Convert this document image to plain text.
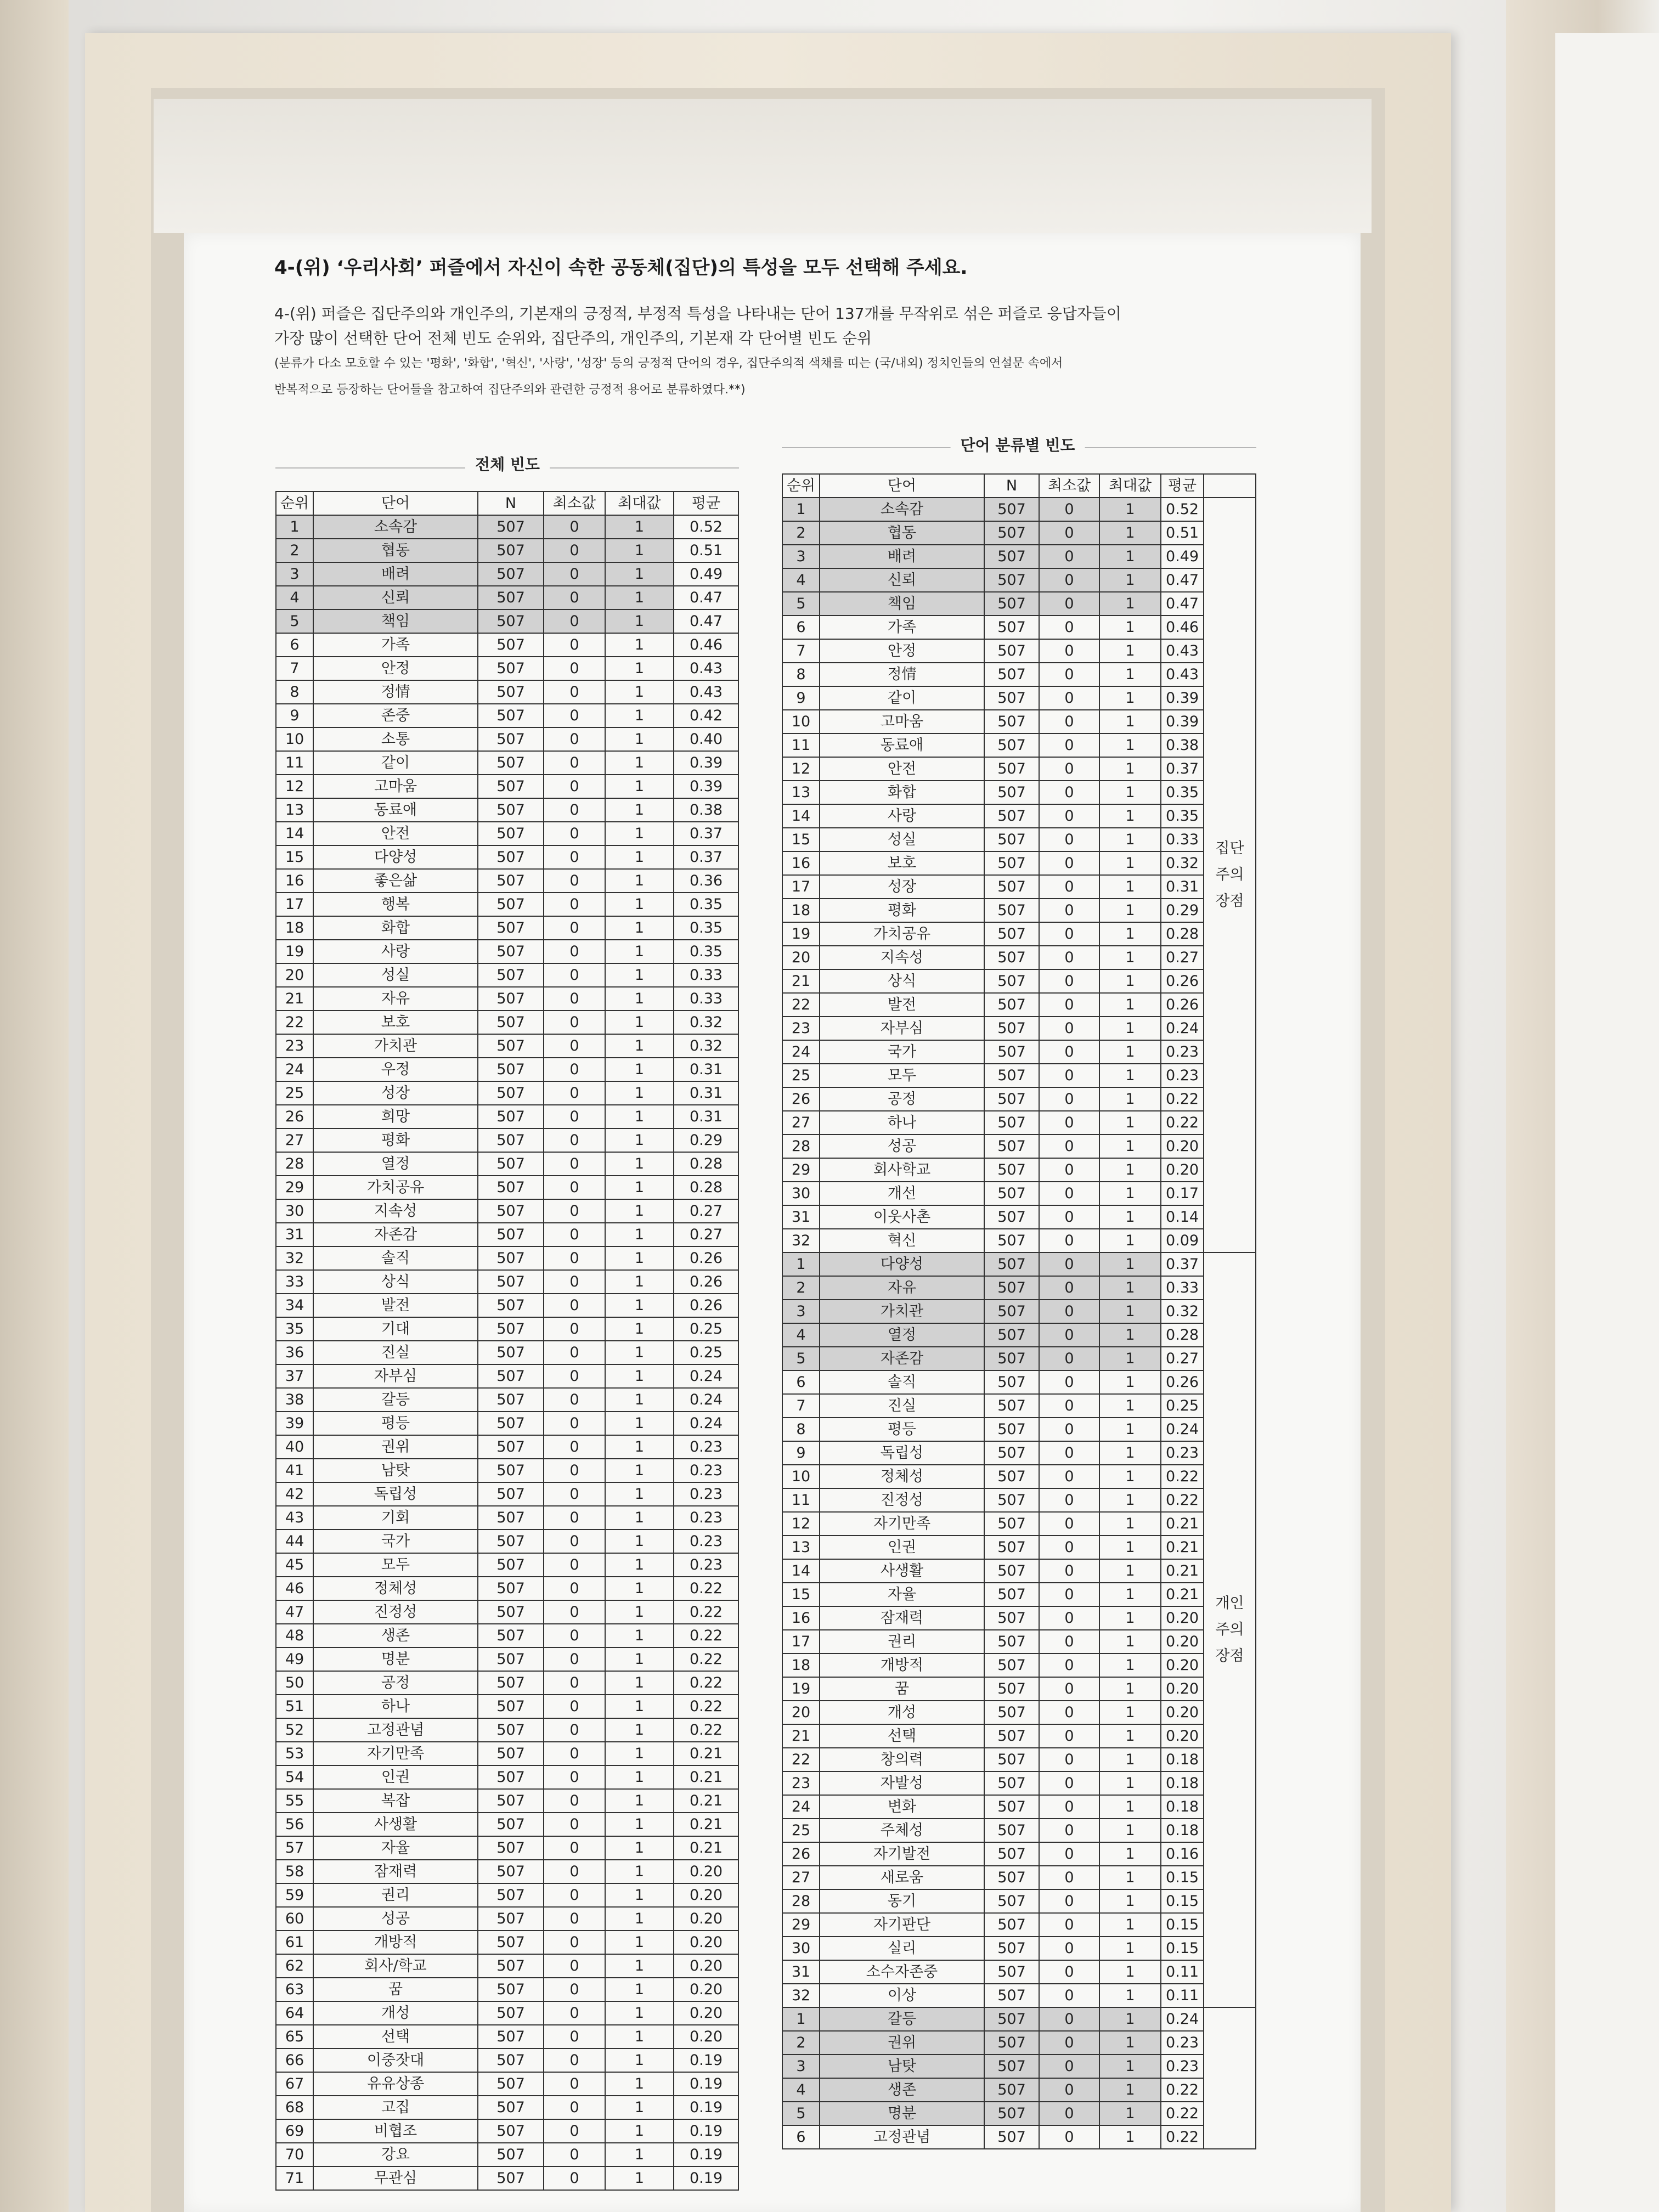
4-(위) ‘우리사회’ 퍼즐에서 자신이 속한 공동체(집단)의 특성을 모두 선택해 주세요.
4-(위) 퍼즐은 집단주의와 개인주의, 기본재의 긍정적, 부정적 특성을 나타내는 단어 137개를 무작위로 섞은 퍼즐로 응답자들이
가장 많이 선택한 단어 전체 빈도 순위와, 집단주의, 개인주의, 기본재 각 단어별 빈도 순위
(분류가 다소 모호할 수 있는 '평화', '화합', '혁신', '사랑', '성장' 등의 긍정적 단어의 경우, 집단주의적 색채를 띠는 (국/내외) 정치인들의 연설문 속에서
반복적으로 등장하는 단어들을 참고하여 집단주의와 관련한 긍정적 용어로 분류하였다.**)
전체 빈도
단어 분류별 빈도
순위	단어	N	최소값	최대값	평균
1	소속감	507	0	1	0.52
2	협동	507	0	1	0.51
3	배려	507	0	1	0.49
4	신뢰	507	0	1	0.47
5	책임	507	0	1	0.47
6	가족	507	0	1	0.46
7	안정	507	0	1	0.43
8	정情	507	0	1	0.43
9	존중	507	0	1	0.42
10	소통	507	0	1	0.40
11	같이	507	0	1	0.39
12	고마움	507	0	1	0.39
13	동료애	507	0	1	0.38
14	안전	507	0	1	0.37
15	다양성	507	0	1	0.37
16	좋은삶	507	0	1	0.36
17	행복	507	0	1	0.35
18	화합	507	0	1	0.35
19	사랑	507	0	1	0.35
20	성실	507	0	1	0.33
21	자유	507	0	1	0.33
22	보호	507	0	1	0.32
23	가치관	507	0	1	0.32
24	우정	507	0	1	0.31
25	성장	507	0	1	0.31
26	희망	507	0	1	0.31
27	평화	507	0	1	0.29
28	열정	507	0	1	0.28
29	가치공유	507	0	1	0.28
30	지속성	507	0	1	0.27
31	자존감	507	0	1	0.27
32	솔직	507	0	1	0.26
33	상식	507	0	1	0.26
34	발전	507	0	1	0.26
35	기대	507	0	1	0.25
36	진실	507	0	1	0.25
37	자부심	507	0	1	0.24
38	갈등	507	0	1	0.24
39	평등	507	0	1	0.24
40	권위	507	0	1	0.23
41	남탓	507	0	1	0.23
42	독립성	507	0	1	0.23
43	기회	507	0	1	0.23
44	국가	507	0	1	0.23
45	모두	507	0	1	0.23
46	정체성	507	0	1	0.22
47	진정성	507	0	1	0.22
48	생존	507	0	1	0.22
49	명분	507	0	1	0.22
50	공정	507	0	1	0.22
51	하나	507	0	1	0.22
52	고정관념	507	0	1	0.22
53	자기만족	507	0	1	0.21
54	인권	507	0	1	0.21
55	복잡	507	0	1	0.21
56	사생활	507	0	1	0.21
57	자율	507	0	1	0.21
58	잠재력	507	0	1	0.20
59	권리	507	0	1	0.20
60	성공	507	0	1	0.20
61	개방적	507	0	1	0.20
62	회사/학교	507	0	1	0.20
63	꿈	507	0	1	0.20
64	개성	507	0	1	0.20
65	선택	507	0	1	0.20
66	이중잣대	507	0	1	0.19
67	유유상종	507	0	1	0.19
68	고집	507	0	1	0.19
69	비협조	507	0	1	0.19
70	강요	507	0	1	0.19
71	무관심	507	0	1	0.19
순위	단어	N	최소값	최대값	평균	
1	소속감	507	0	1	0.52	집단
주의
장점

2	협동	507	0	1	0.51	
3	배려	507	0	1	0.49	
4	신뢰	507	0	1	0.47	
5	책임	507	0	1	0.47	
6	가족	507	0	1	0.46	
7	안정	507	0	1	0.43	
8	정情	507	0	1	0.43	
9	같이	507	0	1	0.39	
10	고마움	507	0	1	0.39	
11	동료애	507	0	1	0.38	
12	안전	507	0	1	0.37	
13	화합	507	0	1	0.35	
14	사랑	507	0	1	0.35	
15	성실	507	0	1	0.33	
16	보호	507	0	1	0.32	
17	성장	507	0	1	0.31	
18	평화	507	0	1	0.29	
19	가치공유	507	0	1	0.28	
20	지속성	507	0	1	0.27	
21	상식	507	0	1	0.26	
22	발전	507	0	1	0.26	
23	자부심	507	0	1	0.24	
24	국가	507	0	1	0.23	
25	모두	507	0	1	0.23	
26	공정	507	0	1	0.22	
27	하나	507	0	1	0.22	
28	성공	507	0	1	0.20	
29	회사학교	507	0	1	0.20	
30	개선	507	0	1	0.17	
31	이웃사촌	507	0	1	0.14	
32	혁신	507	0	1	0.09	
1	다양성	507	0	1	0.37	개인
주의
장점

2	자유	507	0	1	0.33	
3	가치관	507	0	1	0.32	
4	열정	507	0	1	0.28	
5	자존감	507	0	1	0.27	
6	솔직	507	0	1	0.26	
7	진실	507	0	1	0.25	
8	평등	507	0	1	0.24	
9	독립성	507	0	1	0.23	
10	정체성	507	0	1	0.22	
11	진정성	507	0	1	0.22	
12	자기만족	507	0	1	0.21	
13	인권	507	0	1	0.21	
14	사생활	507	0	1	0.21	
15	자율	507	0	1	0.21	
16	잠재력	507	0	1	0.20	
17	권리	507	0	1	0.20	
18	개방적	507	0	1	0.20	
19	꿈	507	0	1	0.20	
20	개성	507	0	1	0.20	
21	선택	507	0	1	0.20	
22	창의력	507	0	1	0.18	
23	자발성	507	0	1	0.18	
24	변화	507	0	1	0.18	
25	주체성	507	0	1	0.18	
26	자기발전	507	0	1	0.16	
27	새로움	507	0	1	0.15	
28	동기	507	0	1	0.15	
29	자기판단	507	0	1	0.15	
30	실리	507	0	1	0.15	
31	소수자존중	507	0	1	0.11	
32	이상	507	0	1	0.11	
1	갈등	507	0	1	0.24	
2	권위	507	0	1	0.23	
3	남탓	507	0	1	0.23	
4	생존	507	0	1	0.22	
5	명분	507	0	1	0.22	
6	고정관념	507	0	1	0.22	
